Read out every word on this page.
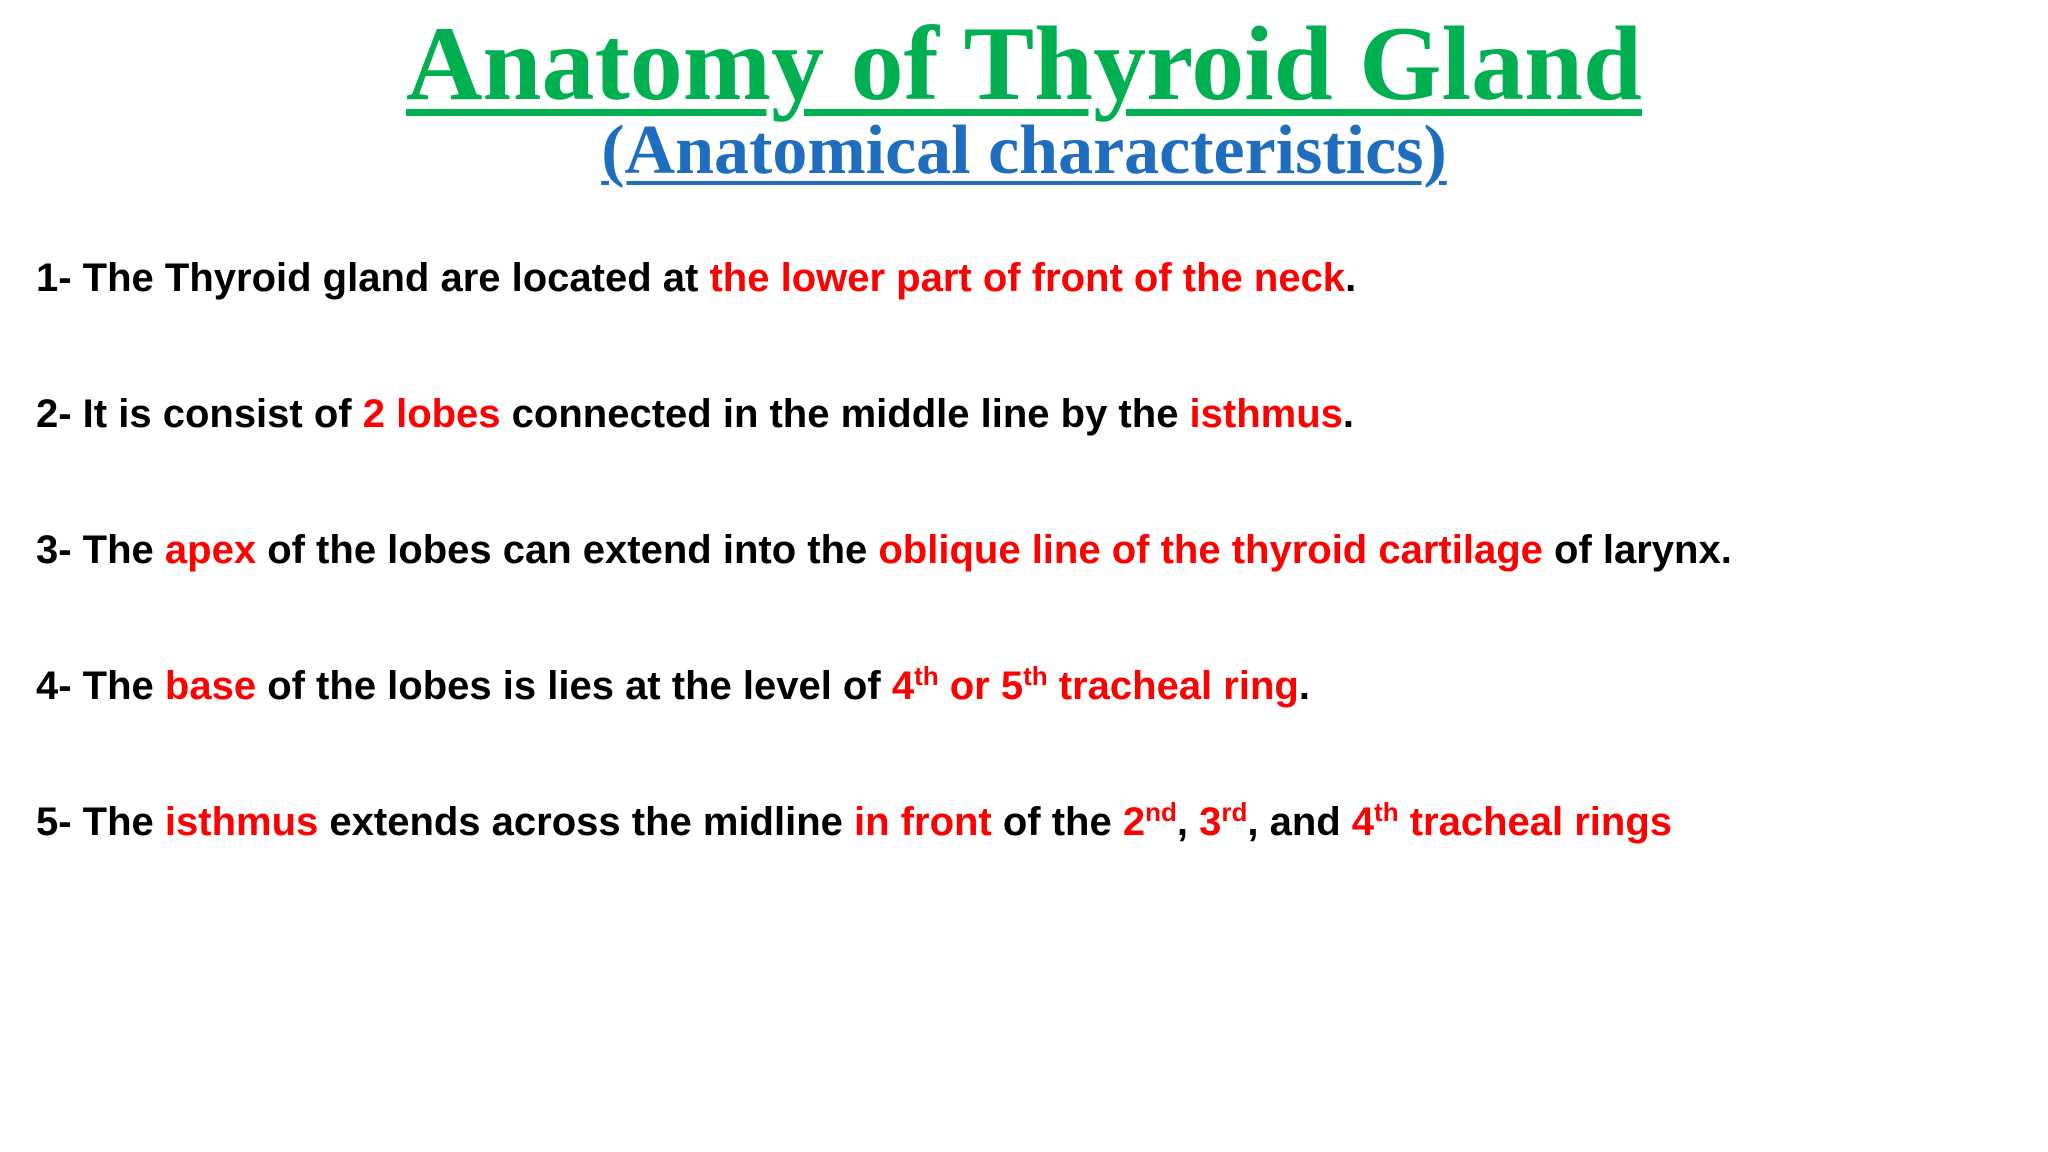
Anatomy of Thyroid Gland
(Anatomical characteristics)
1- The Thyroid gland are located at the lower part of front of the neck.
2- It is consist of 2 lobes connected in the middle line by the isthmus.
3- The apex of the lobes can extend into the oblique line of the thyroid cartilage of larynx.
4- The base of the lobes is lies at the level of 4th or 5th tracheal ring.
5- The isthmus extends across the midline in front of the 2nd, 3rd, and 4th tracheal rings
